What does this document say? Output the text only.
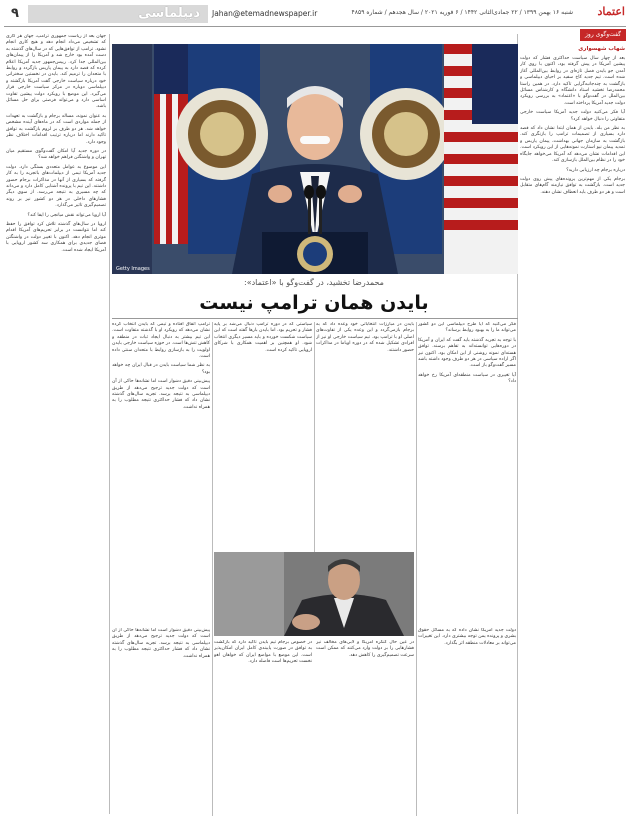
۹	دیپلماسی Jahan@etemadnewspaper.ir	شنبه ۱۶ بهمن ۱۳۹۹ / ۲۲ جمادی‌الثانی ۱۴۴۲ / ۶ فوریه ۲۰۲۱ / سال هجدهم / شماره ۴۸۵۹	اعتماد
گفت‌وگوی روز

جهان‌ بعد از ریاست‌ جمهوری ترامپ، جهان هر کاری که تشخیص می‌داد انجام دهد و هیچ کاری انجام نشود. ترامپ از توافق‌هایی که در سال‌های گذشته به دست آمده بود خارج شد و آمریکا را از پیمان‌های بین‌المللی جدا کرد. رییس‌جمهور جدید آمریکا اعلام کرده که قصد دارد به پیمان پاریس بازگردد و روابط با متحدان را ترمیم کند. بایدن در نخستین سخنرانی خود درباره سیاست خارجی گفت آمریکا بازگشته و دیپلماسی دوباره در مرکز سیاست خارجی قرار می‌گیرد. این موضع با رویکرد دولت پیشین تفاوت اساسی دارد و می‌تواند فرصتی برای حل مسائل باشد.

به عنوان نمونه، مساله برجام و بازگشت به تعهدات از جمله مواردی است که در ماه‌های آینده مشخص خواهد شد. هر دو طرف بر لزوم بازگشت به توافق تاکید دارند اما درباره ترتیب اقدامات اختلاف نظر وجود دارد.

در دوره جدید آیا امکان گفت‌وگوی مستقیم میان تهران و واشنگتن فراهم خواهد شد؟

این موضوع به عوامل متعددی بستگی دارد. دولت جدید آمریکا تیمی از دیپلمات‌های باتجربه را به کار گرفته که بسیاری از آنها در مذاکرات برجام حضور داشتند. این تیم با پرونده آشنایی کامل دارد و می‌داند که چه مسیری به نتیجه می‌رسد. از سوی دیگر فشارهای داخلی در هر دو کشور نیز بر روند تصمیم‌گیری تاثیر می‌گذارد.

آیا اروپا می‌تواند نقش میانجی را ایفا کند؟

اروپا در سال‌های گذشته تلاش کرد توافق را حفظ کند اما نتوانست در برابر تحریم‌های آمریکا اقدام موثری انجام دهد. اکنون با تغییر دولت در واشنگتن فضای جدیدی برای همکاری سه کشور اروپایی با آمریکا ایجاد شده است.

شهاب شهسواری

بعد از چهار سال سیاست حداکثری فشار که دولت پیشین آمریکا در پیش گرفته بود، اکنون با روی کار آمدن جو بایدن فصل تازه‌ای در روابط بین‌المللی آغاز شده است. تیم جدید کاخ سفید بر احیای دیپلماسی و بازگشت به چندجانبه‌گرایی تاکید دارد. در همین راستا محمدرضا تخشید استاد دانشگاه و کارشناس مسائل بین‌الملل در گفت‌وگو با «اعتماد» به بررسی رویکرد دولت جدید آمریکا پرداخته است.

آیا فکر می‌کنید دولت جدید آمریکا سیاست خارجی متفاوتی را دنبال خواهد کرد؟

به نظر من بله. بایدن از همان ابتدا نشان داد که قصد دارد بسیاری از تصمیمات ترامپ را بازنگری کند. بازگشت به سازمان جهانی بهداشت، پیمان پاریس و تمدید پیمان نیو استارت نمونه‌هایی از این رویکرد است. این اقدامات نشان می‌دهد که آمریکا می‌خواهد جایگاه خود را در نظام بین‌الملل بازسازی کند.

درباره برجام چه ارزیابی دارید؟

برجام یکی از مهم‌ترین پرونده‌های پیش روی دولت جدید است. بازگشت به توافق نیازمند گام‌های متقابل است و هر دو طرف باید انعطاف نشان دهند.

Getty Images
محمدرضا تخشید، در گفت‌وگو با «اعتماد»:
بایدن همان ترامپ نیست

ترامپ اتفاق افتاده و تیمی که بایدن انتخاب کرده نشان می‌دهد که رویکرد او با گذشته متفاوت است. این تیم بیشتر به دنبال ایجاد ثبات در منطقه و کاهش تنش‌ها است. در حوزه سیاست خارجی بایدن اولویت را به بازسازی روابط با متحدان سنتی داده است.

به نظر شما سیاست بایدن در قبال ایران چه خواهد بود؟

پیش‌بینی دقیق دشوار است اما نشانه‌ها حاکی از آن است که دولت جدید ترجیح می‌دهد از طریق دیپلماسی به نتیجه برسد. تجربه سال‌های گذشته نشان داد که فشار حداکثری نتیجه مطلوب را به همراه نداشت.

سیاستی که در دوره ترامپ دنبال می‌شد بر پایه فشار و تحریم بود. اما بایدن بارها گفته است که این سیاست شکست خورده و باید مسیر دیگری انتخاب شود. او همچنین بر اهمیت همکاری با شرکای اروپایی تاکید کرده است.

بایدن در مبارزات انتخاباتی خود وعده داد که به برجام بازمی‌گردد و این وعده یکی از تفاوت‌های اصلی او با ترامپ بود. تیم سیاست خارجی او نیز از افرادی تشکیل شده که در دوره اوباما در مذاکرات حضور داشتند.

فکر می‌کنید که آیا طرح دیپلماسی این دو کشور می‌تواند ما را به بهبود روابط برساند؟

با توجه به تجربه گذشته باید گفت که ایران و آمریکا در دوره‌هایی توانسته‌اند به تفاهم برسند. توافق هسته‌ای نمونه روشنی از این امکان بود. اکنون نیز اگر اراده سیاسی در هر دو طرف وجود داشته باشد مسیر گفت‌وگو باز است.

آیا تغییری در سیاست منطقه‌ای آمریکا رخ خواهد داد؟

پیش‌بینی دقیق دشوار است اما نشانه‌ها حاکی از آن است که دولت جدید ترجیح می‌دهد از طریق دیپلماسی به نتیجه برسد. تجربه سال‌های گذشته نشان داد که فشار حداکثری نتیجه مطلوب را به همراه نداشت.

در خصوص برجام تیم بایدن تاکید دارد که بازگشت به توافق در صورت پایبندی کامل ایران امکان‌پذیر است. این موضع با مواضع ایران که خواهان لغو نخست تحریم‌ها است فاصله دارد.

در عین حال کنگره آمریکا و لابی‌های مخالف نیز فشارهایی را بر دولت وارد می‌کنند که ممکن است سرعت تصمیم‌گیری را کاهش دهد.

دولت جدید آمریکا نشان داده که به مسائل حقوق بشری و پرونده یمن توجه بیشتری دارد. این تغییرات می‌تواند بر معادلات منطقه اثر بگذارد.
